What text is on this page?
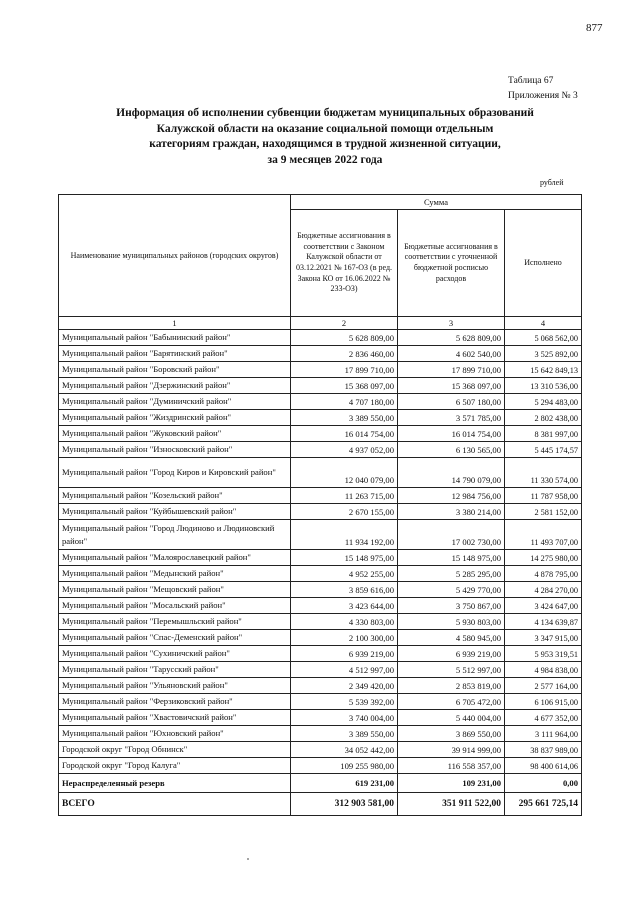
877
Таблица 67
Приложения № 3
Информация об исполнении субвенции бюджетам муниципальных образований
Калужской области на оказание социальной помощи отдельным
категориям граждан, находящимся в трудной жизненной ситуации,
за 9 месяцев 2022 года
рублей
Наименование муниципальных районов (городских округов)	Сумма		
	Бюджетные ассигнования в соответствии с Законом Калужской области от 03.12.2021 № 167-ОЗ (в ред. Закона КО от 16.06.2022 № 233-ОЗ)	Бюджетные ассигнования в соответствии с уточненной бюджетной росписью расходов	Исполнено
1	2	3	4
Муниципальный район "Бабынинский район"	5 628 809,00	5 628 809,00	5 068 562,00
Муниципальный район "Барятинский район"	2 836 460,00	4 602 540,00	3 525 892,00
Муниципальный район "Боровский район"	17 899 710,00	17 899 710,00	15 642 849,13
Муниципальный район "Дзержинский район"	15 368 097,00	15 368 097,00	13 310 536,00
Муниципальный район "Думиничский район"	4 707 180,00	6 507 180,00	5 294 483,00
Муниципальный район "Жиздринский район"	3 389 550,00	3 571 785,00	2 802 438,00
Муниципальный район "Жуковский район"	16 014 754,00	16 014 754,00	8 381 997,00
Муниципальный район "Износковский район"	4 937 052,00	6 130 565,00	5 445 174,57
Муниципальный район "Город Киров и Кировский район"	12 040 079,00	14 790 079,00	11 330 574,00
Муниципальный район "Козельский район"	11 263 715,00	12 984 756,00	11 787 958,00
Муниципальный район "Куйбышевский район"	2 670 155,00	3 380 214,00	2 581 152,00
Муниципальный район "Город Людиново и Людиновский район"	11 934 192,00	17 002 730,00	11 493 707,00
Муниципальный район "Малоярославецкий район"	15 148 975,00	15 148 975,00	14 275 980,00
Муниципальный район "Медынский район"	4 952 255,00	5 285 295,00	4 878 795,00
Муниципальный район "Мещовский район"	3 859 616,00	5 429 770,00	4 284 270,00
Муниципальный район "Мосальский район"	3 423 644,00	3 750 867,00	3 424 647,00
Муниципальный район "Перемышльский район"	4 330 803,00	5 930 803,00	4 134 639,87
Муниципальный район "Спас-Деменский район"	2 100 300,00	4 580 945,00	3 347 915,00
Муниципальный район "Сухиничский район"	6 939 219,00	6 939 219,00	5 953 319,51
Муниципальный район "Тарусский район"	4 512 997,00	5 512 997,00	4 984 838,00
Муниципальный район "Ульяновский район"	2 349 420,00	2 853 819,00	2 577 164,00
Муниципальный район "Ферзиковский район"	5 539 392,00	6 705 472,00	6 106 915,00
Муниципальный район "Хвастовичский район"	3 740 004,00	5 440 004,00	4 677 352,00
Муниципальный район "Юхновский район"	3 389 550,00	3 869 550,00	3 111 964,00
Городской округ "Город Обнинск"	34 052 442,00	39 914 999,00	38 837 989,00
Городской округ "Город Калуга"	109 255 980,00	116 558 357,00	98 400 614,06
Нераспределенный резерв	619 231,00	109 231,00	0,00
ВСЕГО	312 903 581,00	351 911 522,00	295 661 725,14
